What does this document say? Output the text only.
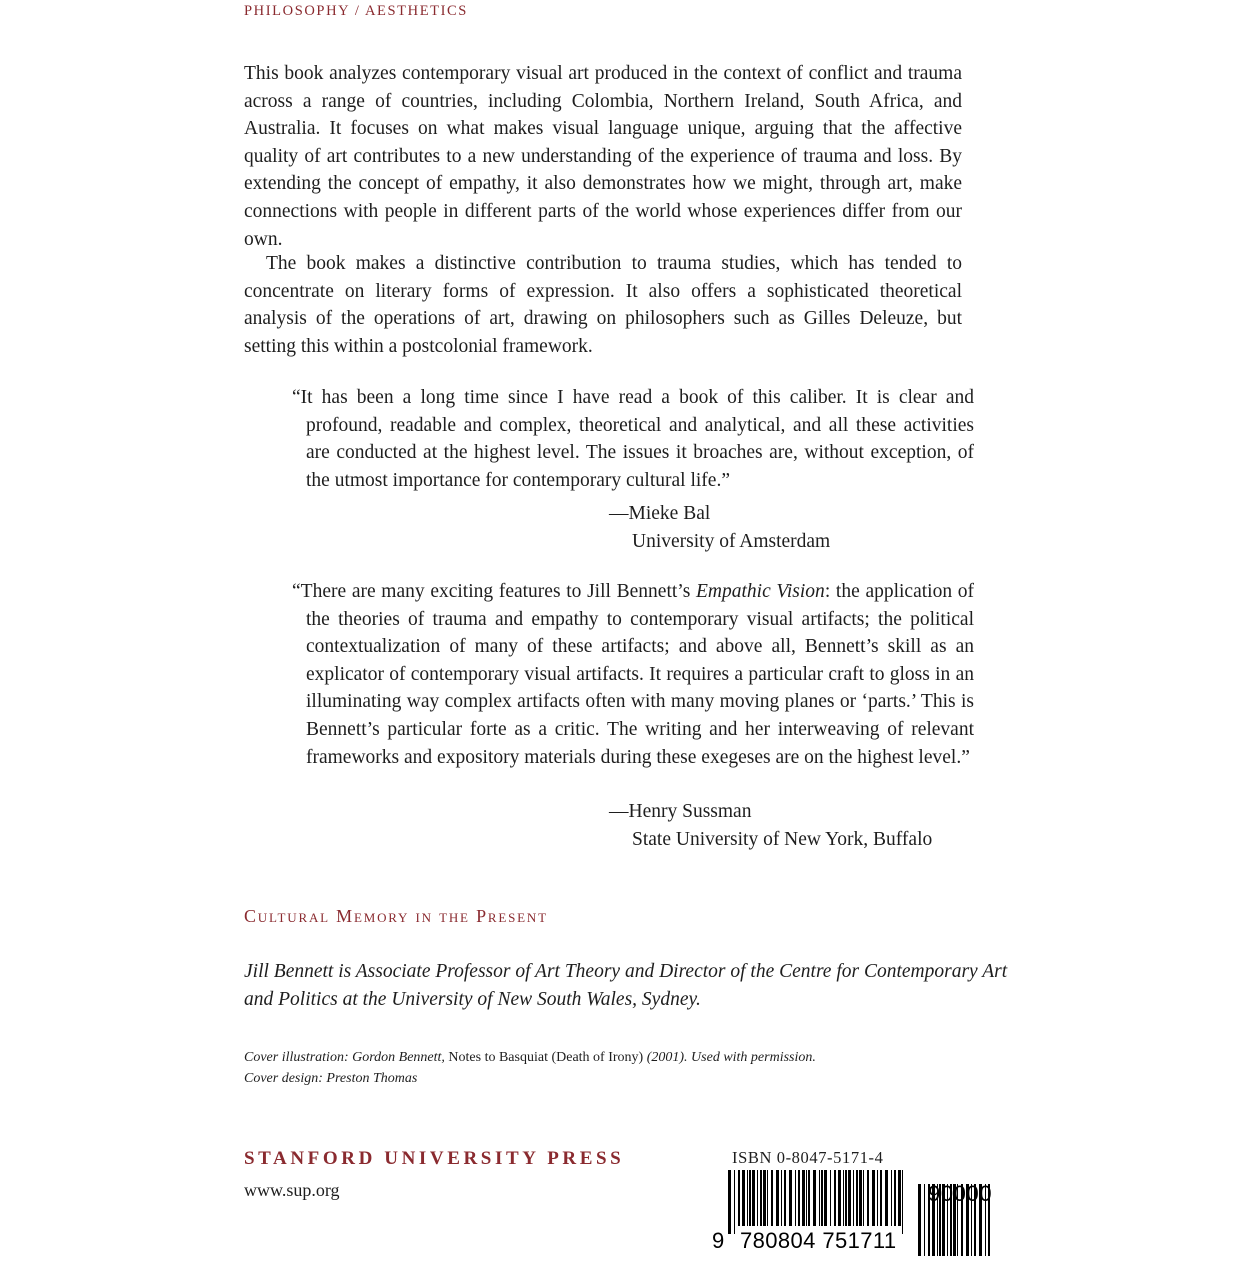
PHILOSOPHY / AESTHETICS

This book analyzes contemporary visual art produced in the context of conflict and trauma across a range of countries, including Colombia, Northern Ireland, South Africa, and Australia. It focuses on what makes visual language unique, arguing that the affective quality of art contributes to a new understanding of the experience of trauma and loss. By extending the concept of empathy, it also demonstrates how we might, through art, make connections with people in different parts of the world whose experiences differ from our own.

The book makes a distinctive contribution to trauma studies, which has tended to concentrate on literary forms of expression. It also offers a sophisticated theoretical analysis of the operations of art, drawing on philosophers such as Gilles Deleuze, but setting this within a postcolonial framework.

“It has been a long time since I have read a book of this caliber. It is clear and profound, readable and complex, theoretical and analytical, and all these activities are conducted at the highest level. The issues it broaches are, without exception, of the utmost importance for contemporary cultural life.”

—Mieke Bal
University of Amsterdam

“There are many exciting features to Jill Bennett’s Empathic Vision: the application of the theories of trauma and empathy to contemporary visual artifacts; the political contextualization of many of these artifacts; and above all, Bennett’s skill as an explicator of contemporary visual artifacts. It requires a particular craft to gloss in an illuminating way complex artifacts often with many moving planes or ‘parts.’ This is Bennett’s particular forte as a critic. The writing and her interweaving of relevant frameworks and expository materials during these exegeses are on the highest level.”

—Henry Sussman
State University of New York, Buffalo
Cultural Memory in the Present

Jill Bennett is Associate Professor of Art Theory and Director of the Centre for Contemporary Art and Politics at the University of New South Wales, Sydney.

Cover illustration: Gordon Bennett, Notes to Basquiat (Death of Irony) (2001). Used with permission.
Cover design: Preston Thomas

STANFORD UNIVERSITY PRESS
www.sup.org
ISBN 0-8047-5171-4
9 780804 751711
90000
